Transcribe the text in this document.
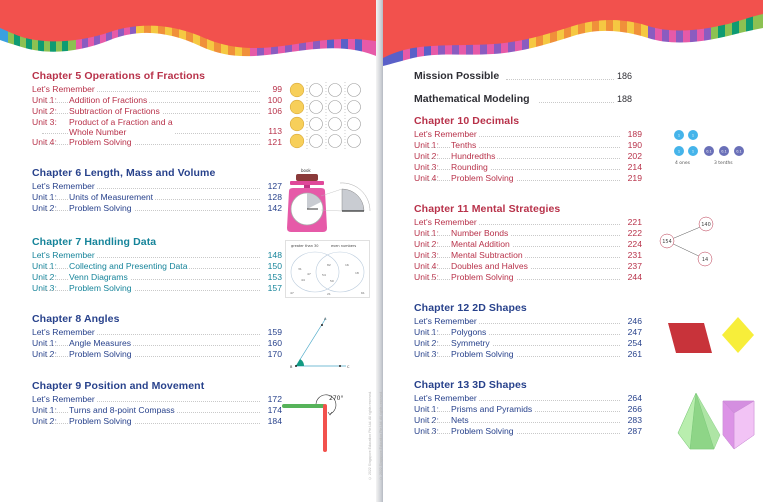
Chapter 5 Operations of Fractions
Let's Remember	99
Unit 1: Addition of Fractions	100
Unit 2: Subtraction of Fractions	106
Unit 3: Product of a Fraction and a
Whole Number	113
Unit 4: Problem Solving	121
Chapter 6 Length, Mass and Volume
Let's Remember	127
Unit 1: Units of Measurement	128
Unit 2: Problem Solving	142
book
Chapter 7 Handling Data
Let's Remember	148
Unit 1: Collecting and Presenting Data	150
Unit 2: Venn Diagrams	153
Unit 3: Problem Solving	157
greater than 30	even numbers
31
47
44
82
54
50
16
18
47	21	61
Chapter 8 Angles
Let's Remember	159
Unit 1: Angle Measures	160
Unit 2: Problem Solving	170
B
A
C
Chapter 9 Position and Movement
Let's Remember	172
Unit 1: Turns and 8-point Compass	174
Unit 2: Problem Solving	184
270°	© 2022 Singapore Education Pte Ltd. All rights reserved.
Mission Possible	186
Mathematical Modeling	188
Chapter 10 Decimals
Let's Remember	189
Unit 1: Tenths	190
Unit 2: Hundredths	202
Unit 3: Rounding	214
Unit 4: Problem Solving	219
1	1
1	1	0.1	0.1	0.1
4 ones	3 tenths
Chapter 11 Mental Strategies
Let's Remember	221
Unit 1: Number Bonds	222
Unit 2: Mental Addition	224
Unit 3: Mental Subtraction	231
Unit 4: Doubles and Halves	237
Unit 5: Problem Solving	244
154
140
14
Chapter 12 2D Shapes
Let's Remember	246
Unit 1: Polygons	247
Unit 2: Symmetry	254
Unit 3: Problem Solving	261
Chapter 13 3D Shapes
Let's Remember	264
Unit 1: Prisms and Pyramids	266
Unit 2: Nets	283
Unit 3: Problem Solving	287
© 2022 Singapore Education Pte Ltd. All rights reserved.
